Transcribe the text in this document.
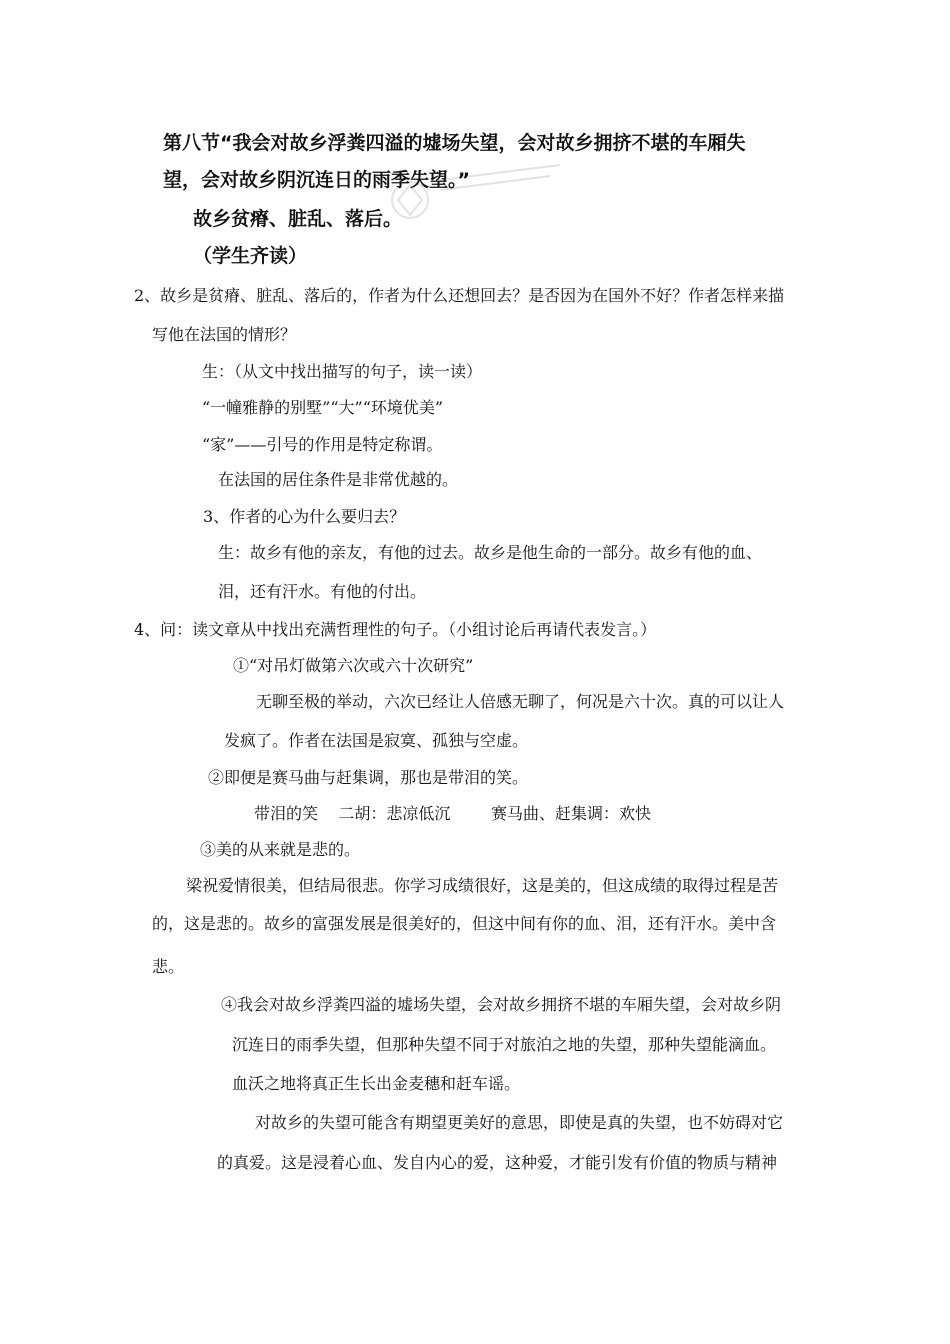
第八节“我会对故乡浮粪四溢的墟场失望，会对故乡拥挤不堪的车厢失
望，会对故乡阴沉连日的雨季失望。”
故乡贫瘠、脏乱、落后。
（学生齐读）
2、故乡是贫瘠、脏乱、落后的，作者为什么还想回去？是否因为在国外不好？作者怎样来描
写他在法国的情形？
生：（从文中找出描写的句子，读一读）
“一幢雅静的别墅”“大”“环境优美”
“家”——引号的作用是特定称谓。
在法国的居住条件是非常优越的。
3、作者的心为什么要归去？
生：故乡有他的亲友，有他的过去。故乡是他生命的一部分。故乡有他的血、
泪，还有汗水。有他的付出。
4、问：读文章从中找出充满哲理性的句子。（小组讨论后再请代表发言。）
①“对吊灯做第六次或六十次研究”
无聊至极的举动，六次已经让人倍感无聊了，何况是六十次。真的可以让人
发疯了。作者在法国是寂寞、孤独与空虚。
②即便是赛马曲与赶集调，那也是带泪的笑。
带泪的笑    二胡：悲凉低沉        赛马曲、赶集调：欢快
③美的从来就是悲的。
梁祝爱情很美，但结局很悲。你学习成绩很好，这是美的，但这成绩的取得过程是苦
的，这是悲的。故乡的富强发展是很美好的，但这中间有你的血、泪，还有汗水。美中含
悲。
④我会对故乡浮粪四溢的墟场失望，会对故乡拥挤不堪的车厢失望，会对故乡阴
沉连日的雨季失望，但那种失望不同于对旅泊之地的失望，那种失望能滴血。
血沃之地将真正生长出金麦穗和赶车谣。
对故乡的失望可能含有期望更美好的意思，即使是真的失望，也不妨碍对它
的真爱。这是浸着心血、发自内心的爱，这种爱，才能引发有价值的物质与精神
